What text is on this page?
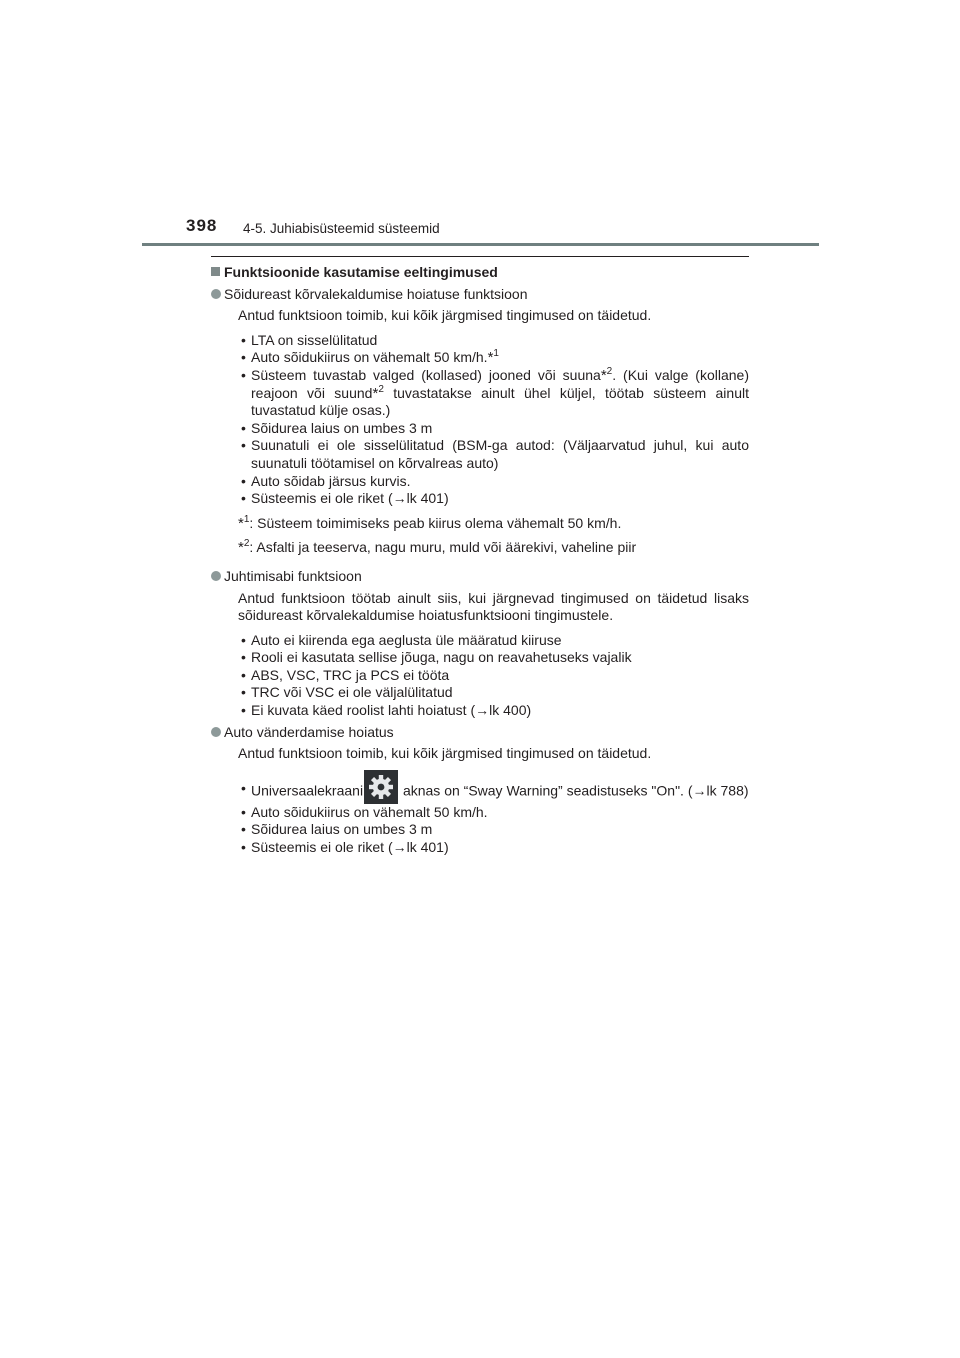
398 4-5. Juhiabisüsteemid süsteemid
Funktsioonide kasutamise eeltingimused
Sõidureast kõrvalekaldumise hoiatuse funktsioon
Antud funktsioon toimib, kui kõik järgmised tingimused on täidetud.
• LTA on sisselülitatud
• Auto sõidukiirus on vähemalt 50 km/h.*$^1$
• Süsteem tuvastab valged (kollased) jooned või suuna*$^2$. (Kui valge (kollane) reajoon või suund*$^2$ tuvastatakse ainult ühel küljel, töötab süsteem ainult tuvastatud külje osas.)
• Sõidurea laius on umbes 3 m
• Suunatuli ei ole sisselülitatud (BSM-ga autod: (Väljaarvatud juhul, kui auto suunatuli töötamisel on kõrvalreas auto)
• Auto sõidab järsus kurvis.
• Süsteemis ei ole riket (→lk 401)
*$^1$: Süsteem toimimiseks peab kiirus olema vähemalt 50 km/h.
*$^2$: Asfalti ja teeserva, nagu muru, muld või äärekivi, vaheline piir
Juhtimisabi funktsioon
Antud funktsioon töötab ainult siis, kui järgnevad tingimused on täidetud lisaks sõidureast kõrvalekaldumise hoiatusfunktsiooni tingimustele.
• Auto ei kiirenda ega aeglusta üle määratud kiiruse
• Rooli ei kasutata sellise jõuga, nagu on reavahetuseks vajalik
• ABS, VSC, TRC ja PCS ei tööta
• TRC või VSC ei ole väljalülitatud
• Ei kuvata käed roolist lahti hoiatust (→lk 400)
Auto vänderdamise hoiatus
Antud funktsioon toimib, kui kõik järgmised tingimused on täidetud.
• Universaalekraani	aknas on “Sway Warning” seadistuseks "On". (→lk 788)
• Auto sõidukiirus on vähemalt 50 km/h.
• Sõidurea laius on umbes 3 m
• Süsteemis ei ole riket (→lk 401)
